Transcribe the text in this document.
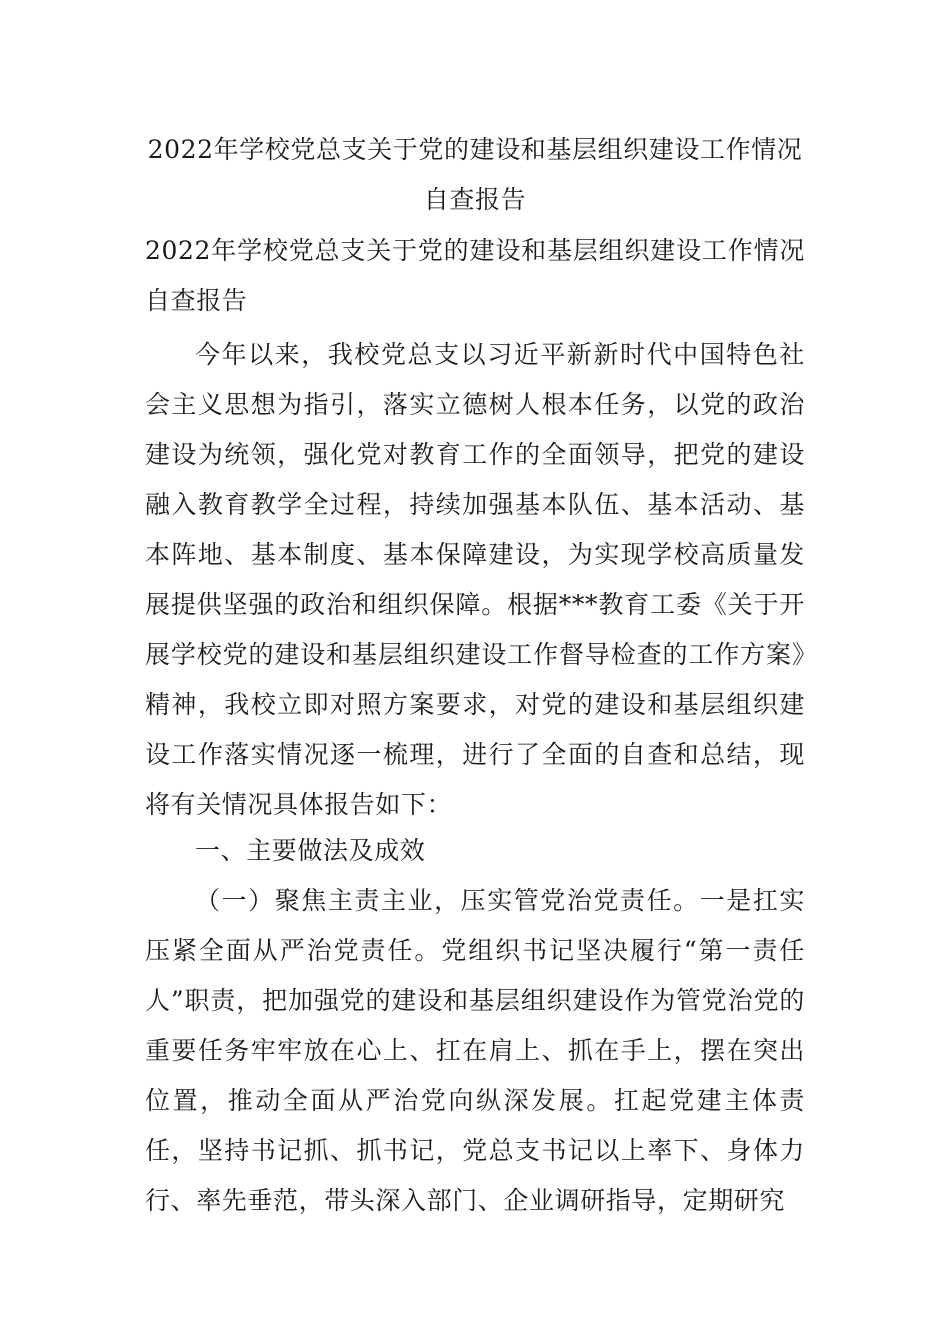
2022年学校党总支关于党的建设和基层组织建设工作情况
自查报告
2022年学校党总支关于党的建设和基层组织建设工作情况自查报告

今年以来，我校党总支以习近平新新时代中国特色社会主义思想为指引，落实立德树人根本任务，以党的政治建设为统领，强化党对教育工作的全面领导，把党的建设融入教育教学全过程，持续加强基本队伍、基本活动、基本阵地、基本制度、基本保障建设，为实现学校高质量发展提供坚强的政治和组织保障。根据***教育工委《关于开展学校党的建设和基层组织建设工作督导检查的工作方案》精神，我校立即对照方案要求，对党的建设和基层组织建设工作落实情况逐一梳理，进行了全面的自查和总结，现将有关情况具体报告如下：

一、主要做法及成效

（一）聚焦主责主业，压实管党治党责任。一是扛实压紧全面从严治党责任。党组织书记坚决履行“第一责任人”职责，把加强党的建设和基层组织建设作为管党治党的重要任务牢牢放在心上、扛在肩上、抓在手上，摆在突出位置，推动全面从严治党向纵深发展。扛起党建主体责任，坚持书记抓、抓书记，党总支书记以上率下、身体力行、率先垂范，带头深入部门、企业调研指导，定期研究
